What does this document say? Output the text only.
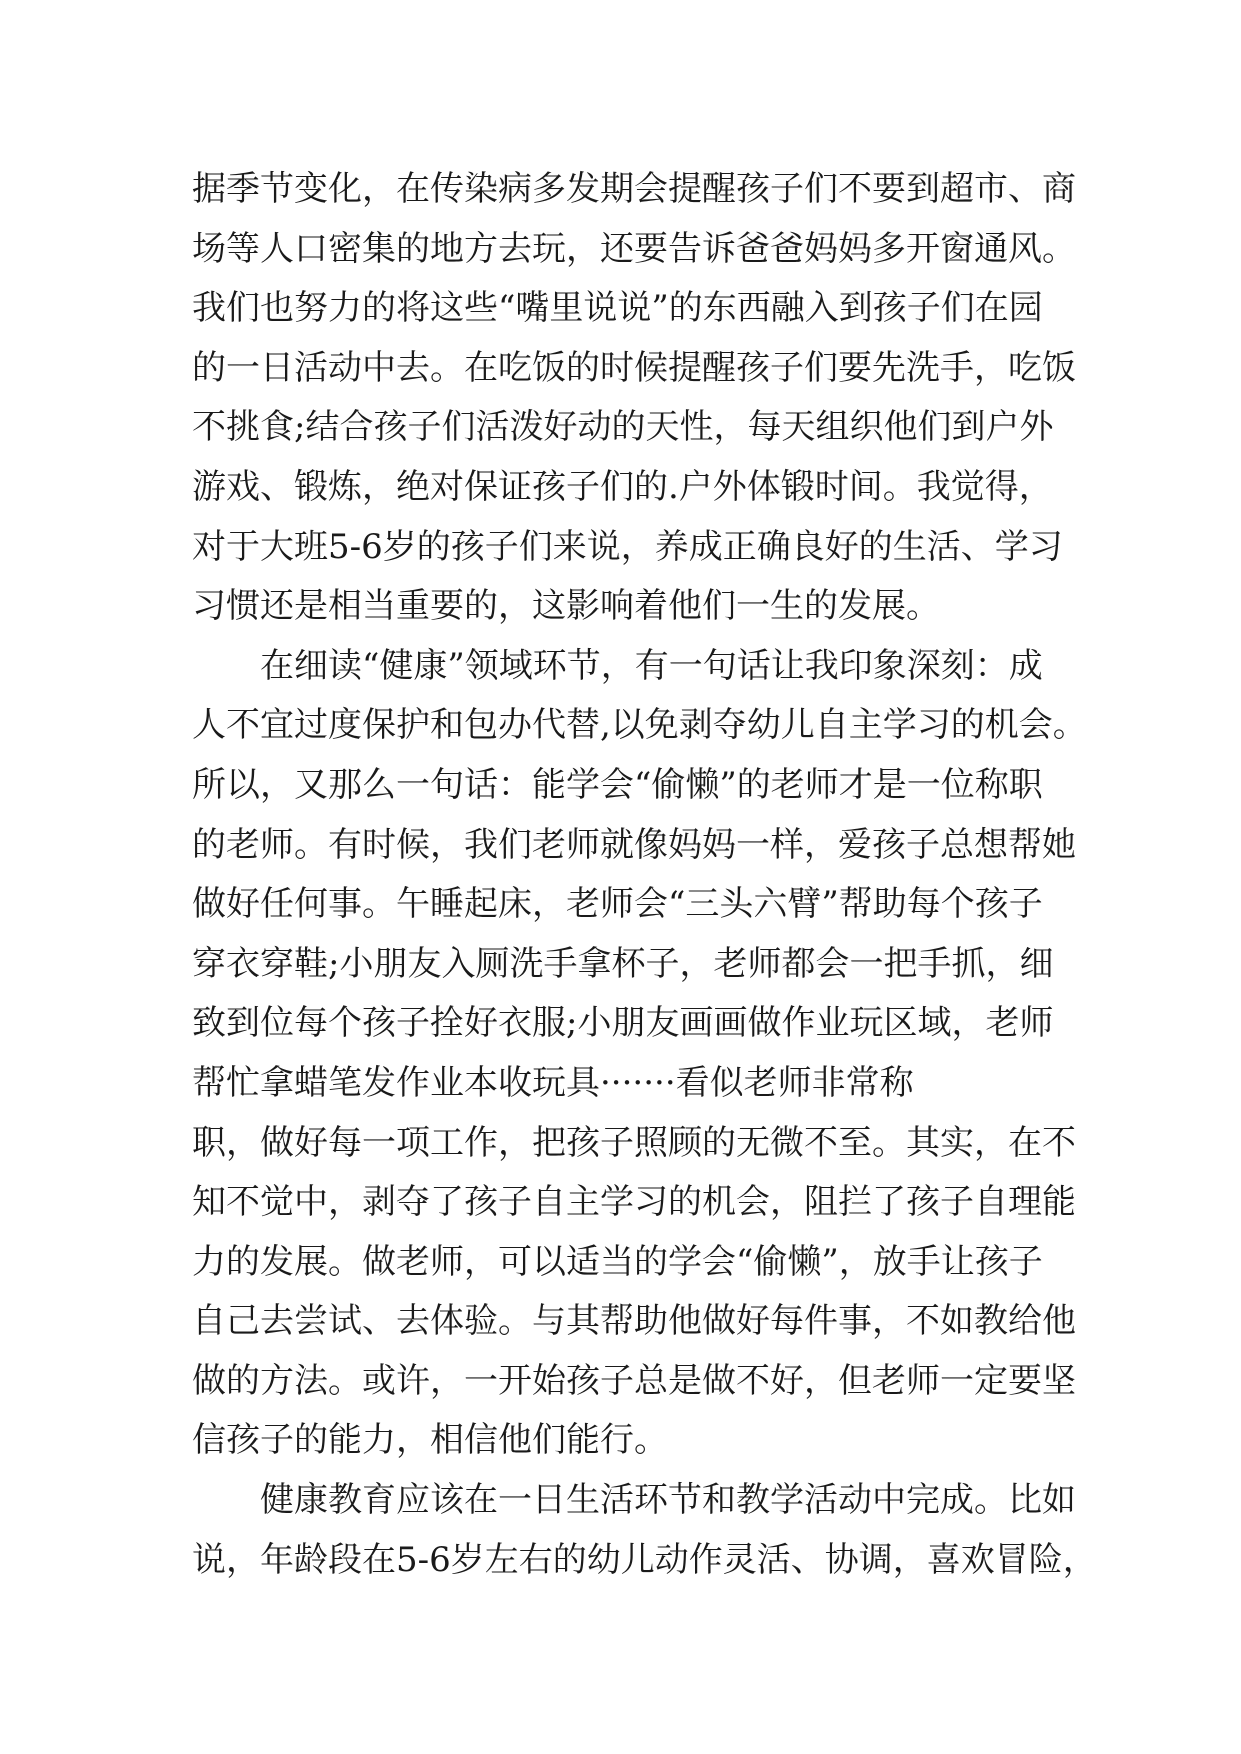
据季节变化，在传染病多发期会提醒孩子们不要到超市、商
场等人口密集的地方去玩，还要告诉爸爸妈妈多开窗通风。
我们也努力的将这些“嘴里说说”的东西融入到孩子们在园
的一日活动中去。在吃饭的时候提醒孩子们要先洗手，吃饭
不挑食;结合孩子们活泼好动的天性，每天组织他们到户外
游戏、锻炼，绝对保证孩子们的.户外体锻时间。我觉得，
对于大班5-6岁的孩子们来说，养成正确良好的生活、学习
习惯还是相当重要的，这影响着他们一生的发展。
　　在细读“健康”领域环节，有一句话让我印象深刻：成
人不宜过度保护和包办代替,以免剥夺幼儿自主学习的机会。
所以，又那么一句话：能学会“偷懒”的老师才是一位称职
的老师。有时候，我们老师就像妈妈一样，爱孩子总想帮她
做好任何事。午睡起床，老师会“三头六臂”帮助每个孩子
穿衣穿鞋;小朋友入厕洗手拿杯子，老师都会一把手抓，细
致到位每个孩子拴好衣服;小朋友画画做作业玩区域，老师
帮忙拿蜡笔发作业本收玩具·······看似老师非常称
职，做好每一项工作，把孩子照顾的无微不至。其实，在不
知不觉中，剥夺了孩子自主学习的机会，阻拦了孩子自理能
力的发展。做老师，可以适当的学会“偷懒”，放手让孩子
自己去尝试、去体验。与其帮助他做好每件事，不如教给他
做的方法。或许，一开始孩子总是做不好，但老师一定要坚
信孩子的能力，相信他们能行。
　　健康教育应该在一日生活环节和教学活动中完成。比如
说，年龄段在5-6岁左右的幼儿动作灵活、协调，喜欢冒险，
